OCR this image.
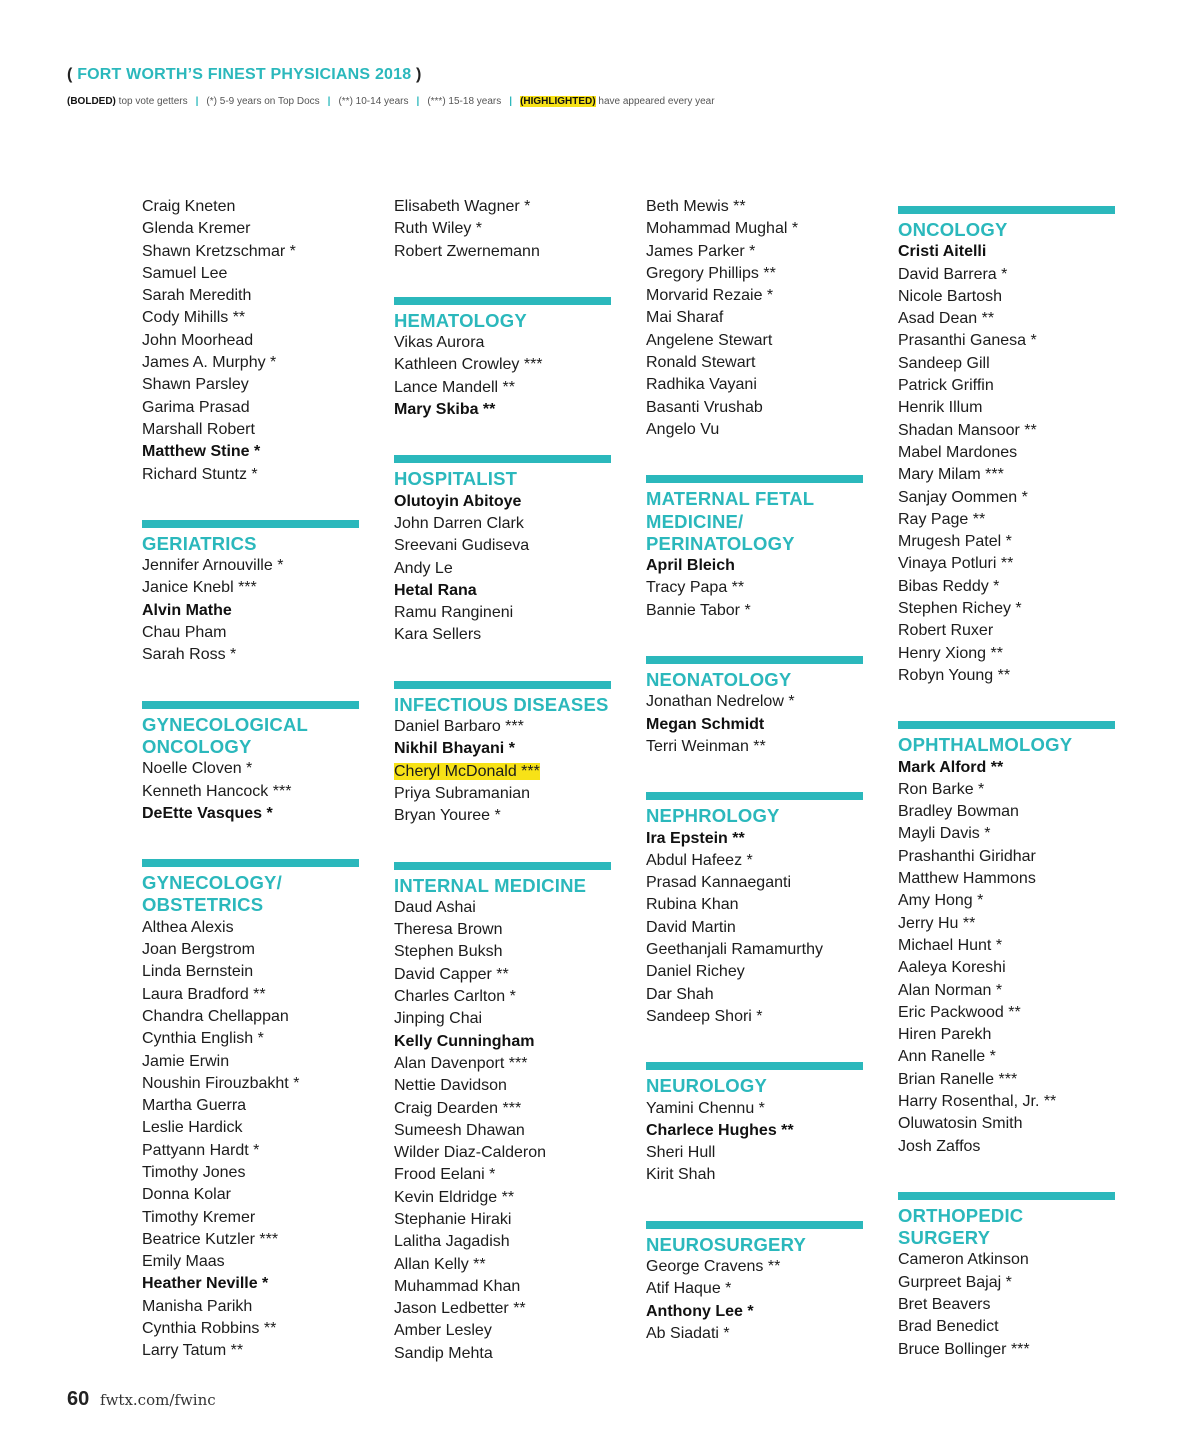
( FORT WORTH’S FINEST PHYSICIANS 2018 )
(BOLDED) top vote getters | (*) 5-9 years on Top Docs | (**) 10-14 years | (***) 15-18 years | (HIGHLIGHTED) have appeared every year
Craig Kneten
Glenda Kremer
Shawn Kretzschmar *
Samuel Lee
Sarah Meredith
Cody Mihills **
John Moorhead
James A. Murphy *
Shawn Parsley
Garima Prasad
Marshall Robert
Matthew Stine *
Richard Stuntz *
GERIATRICS
Jennifer Arnouville *
Janice Knebl ***
Alvin Mathe
Chau Pham
Sarah Ross *
GYNECOLOGICAL
ONCOLOGY
Noelle Cloven *
Kenneth Hancock ***
DeEtte Vasques *
GYNECOLOGY/
OBSTETRICS
Althea Alexis
Joan Bergstrom
Linda Bernstein
Laura Bradford **
Chandra Chellappan
Cynthia English *
Jamie Erwin
Noushin Firouzbakht *
Martha Guerra
Leslie Hardick
Pattyann Hardt *
Timothy Jones
Donna Kolar
Timothy Kremer
Beatrice Kutzler ***
Emily Maas
Heather Neville *
Manisha Parikh
Cynthia Robbins **
Larry Tatum **
Elisabeth Wagner *
Ruth Wiley *
Robert Zwernemann
HEMATOLOGY
Vikas Aurora
Kathleen Crowley ***
Lance Mandell **
Mary Skiba **
HOSPITALIST
Olutoyin Abitoye
John Darren Clark
Sreevani Gudiseva
Andy Le
Hetal Rana
Ramu Rangineni
Kara Sellers
INFECTIOUS DISEASES
Daniel Barbaro ***
Nikhil Bhayani *
Cheryl McDonald ***
Priya Subramanian
Bryan Youree *
INTERNAL MEDICINE
Daud Ashai
Theresa Brown
Stephen Buksh
David Capper **
Charles Carlton *
Jinping Chai
Kelly Cunningham
Alan Davenport ***
Nettie Davidson
Craig Dearden ***
Sumeesh Dhawan
Wilder Diaz-Calderon
Frood Eelani *
Kevin Eldridge **
Stephanie Hiraki
Lalitha Jagadish
Allan Kelly **
Muhammad Khan
Jason Ledbetter **
Amber Lesley
Sandip Mehta
Beth Mewis **
Mohammad Mughal *
James Parker *
Gregory Phillips **
Morvarid Rezaie *
Mai Sharaf
Angelene Stewart
Ronald Stewart
Radhika Vayani
Basanti Vrushab
Angelo Vu
MATERNAL FETAL
MEDICINE/
PERINATOLOGY
April Bleich
Tracy Papa **
Bannie Tabor *
NEONATOLOGY
Jonathan Nedrelow *
Megan Schmidt
Terri Weinman **
NEPHROLOGY
Ira Epstein **
Abdul Hafeez *
Prasad Kannaeganti
Rubina Khan
David Martin
Geethanjali Ramamurthy
Daniel Richey
Dar Shah
Sandeep Shori *
NEUROLOGY
Yamini Chennu *
Charlece Hughes **
Sheri Hull
Kirit Shah
NEUROSURGERY
George Cravens **
Atif Haque *
Anthony Lee *
Ab Siadati *
ONCOLOGY
Cristi Aitelli
David Barrera *
Nicole Bartosh
Asad Dean **
Prasanthi Ganesa *
Sandeep Gill
Patrick Griffin
Henrik Illum
Shadan Mansoor **
Mabel Mardones
Mary Milam ***
Sanjay Oommen *
Ray Page **
Mrugesh Patel *
Vinaya Potluri **
Bibas Reddy *
Stephen Richey *
Robert Ruxer
Henry Xiong **
Robyn Young **
OPHTHALMOLOGY
Mark Alford **
Ron Barke *
Bradley Bowman
Mayli Davis *
Prashanthi Giridhar
Matthew Hammons
Amy Hong *
Jerry Hu **
Michael Hunt *
Aaleya Koreshi
Alan Norman *
Eric Packwood **
Hiren Parekh
Ann Ranelle *
Brian Ranelle ***
Harry Rosenthal, Jr. **
Oluwatosin Smith
Josh Zaffos
ORTHOPEDIC
SURGERY
Cameron Atkinson
Gurpreet Bajaj *
Bret Beavers
Brad Benedict
Bruce Bollinger ***
60 fwtx.com/fwinc
